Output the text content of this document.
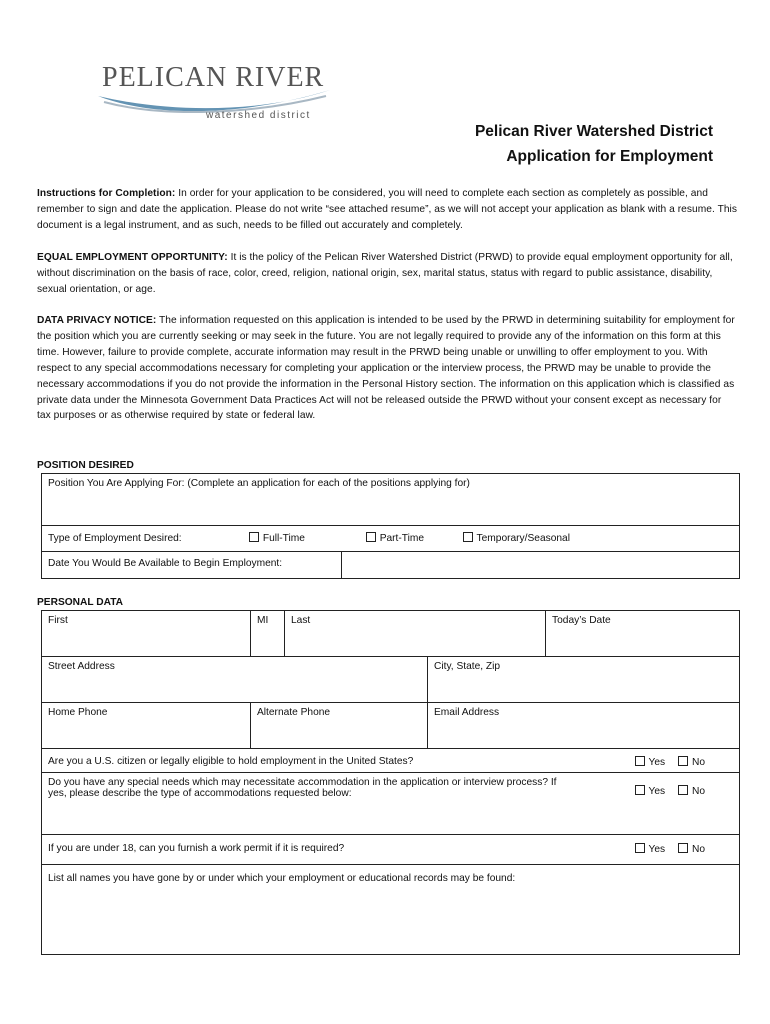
PELICAN RIVER
watershed district
Pelican River Watershed District
Application for Employment
Instructions for Completion: In order for your application to be considered, you will need to complete each section as completely as possible, and remember to sign and date the application. Please do not write “see attached resume”, as we will not accept your application as blank with a resume. This document is a legal instrument, and as such, needs to be filled out accurately and completely.
EQUAL EMPLOYMENT OPPORTUNITY: It is the policy of the Pelican River Watershed District (PRWD) to provide equal employment opportunity for all, without discrimination on the basis of race, color, creed, religion, national origin, sex, marital status, status with regard to public assistance, disability, sexual orientation, or age.
DATA PRIVACY NOTICE: The information requested on this application is intended to be used by the PRWD in determining suitability for employment for the position which you are currently seeking or may seek in the future. You are not legally required to provide any of the information on this form at this time. However, failure to provide complete, accurate information may result in the PRWD being unable or unwilling to offer employment to you. With respect to any special accommodations necessary for completing your application or the interview process, the PRWD may be unable to provide the necessary accommodations if you do not provide the information in the Personal History section. The information on this application which is classified as private data under the Minnesota Government Data Practices Act will not be released outside the PRWD without your consent except as necessary for tax purposes or as otherwise required by state or federal law.
POSITION DESIRED
Position You Are Applying For: (Complete an application for each of the positions applying for)
Type of Employment Desired:	Full-Time	Part-Time	Temporary/Seasonal
Date You Would Be Available to Begin Employment:	
PERSONAL DATA
First	MI	Last		Today’s Date	
Street Address			City, State, Zip		
Home Phone	Alternate Phone		Email Address		
Are you a U.S. citizen or legally eligible to hold employment in the United States?					Yes No
Do you have any special needs which may necessitate accommodation in the application or interview process? If yes, please describe the type of accommodations requested below:					Yes No
If you are under 18, can you furnish a work permit if it is required?					Yes No
List all names you have gone by or under which your employment or educational records may be found:					
